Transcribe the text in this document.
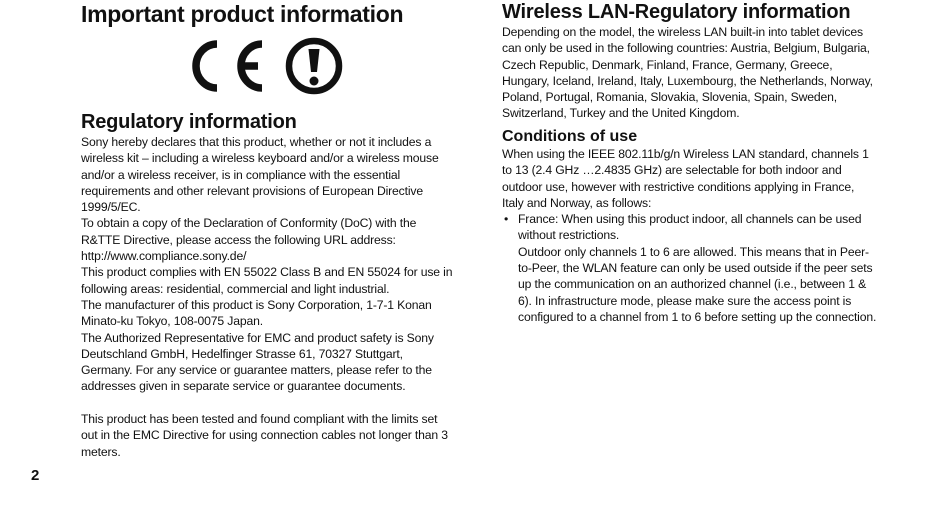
Important product information
Regulatory information

Sony hereby declares that this product, whether or not it includes a wireless kit – including a wireless keyboard and/or a wireless mouse and/or a wireless receiver, is in compliance with the essential requirements and other relevant provisions of European Directive 1999/5/EC.

To obtain a copy of the Declaration of Conformity (DoC) with the R&TTE Directive, please access the following URL address: http://www.compliance.sony.de/

This product complies with EN 55022 Class B and EN 55024 for use in following areas: residential, commercial and light industrial.

The manufacturer of this product is Sony Corporation, 1-7-1 Konan Minato-ku Tokyo, 108-0075 Japan.

The Authorized Representative for EMC and product safety is Sony Deutschland GmbH, Hedelfinger Strasse 61, 70327 Stuttgart, Germany. For any service or guarantee matters, please refer to the addresses given in separate service or guarantee documents.

This product has been tested and found compliant with the limits set out in the EMC Directive for using connection cables not longer than 3 meters.

Wireless LAN-Regulatory information

Depending on the model, the wireless LAN built-in into tablet devices can only be used in the following countries: Austria, Belgium, Bulgaria, Czech Republic, Denmark, Finland, France, Germany, Greece, Hungary, Iceland, Ireland, Italy, Luxembourg, the Netherlands, Norway, Poland, Portugal, Romania, Slovakia, Slovenia, Spain, Sweden, Switzerland, Turkey and the United Kingdom.

Conditions of use

When using the IEEE 802.11b/g/n Wireless LAN standard, channels 1 to 13 (2.4 GHz …2.4835 GHz) are selectable for both indoor and outdoor use, however with restrictive conditions applying in France, Italy and Norway, as follows:

• France: When using this product indoor, all channels can be used without restrictions.

Outdoor only channels 1 to 6 are allowed. This means that in Peer-to-Peer, the WLAN feature can only be used outside if the peer sets up the communication on an authorized channel (i.e., between 1 & 6). In infrastructure mode, please make sure the access point is configured to a channel from 1 to 6 before setting up the connection.

2
